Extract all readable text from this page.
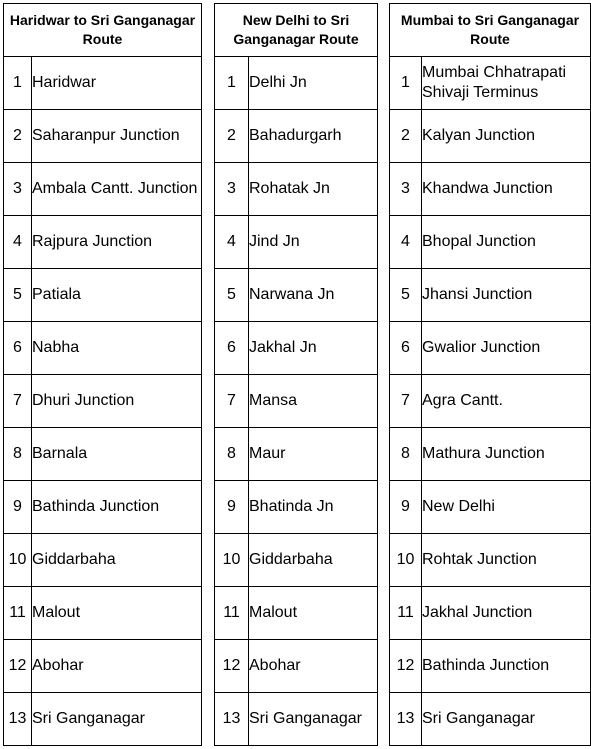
Haridwar to Sri Ganganagar Route	
1	Haridwar
2	Saharanpur Junction
3	Ambala Cantt. Junction
4	Rajpura Junction
5	Patiala
6	Nabha
7	Dhuri Junction
8	Barnala
9	Bathinda Junction
10	Giddarbaha
11	Malout
12	Abohar
13	Sri Ganganagar
New Delhi to Sri Ganganagar Route	
1	Delhi Jn
2	Bahadurgarh
3	Rohatak Jn
4	Jind Jn
5	Narwana Jn
6	Jakhal Jn
7	Mansa
8	Maur
9	Bhatinda Jn
10	Giddarbaha
11	Malout
12	Abohar
13	Sri Ganganagar
Mumbai to Sri Ganganagar Route	
1	Mumbai Chhatrapati Shivaji Terminus
2	Kalyan Junction
3	Khandwa Junction
4	Bhopal Junction
5	Jhansi Junction
6	Gwalior Junction
7	Agra Cantt.
8	Mathura Junction
9	New Delhi
10	Rohtak Junction
11	Jakhal Junction
12	Bathinda Junction
13	Sri Ganganagar
